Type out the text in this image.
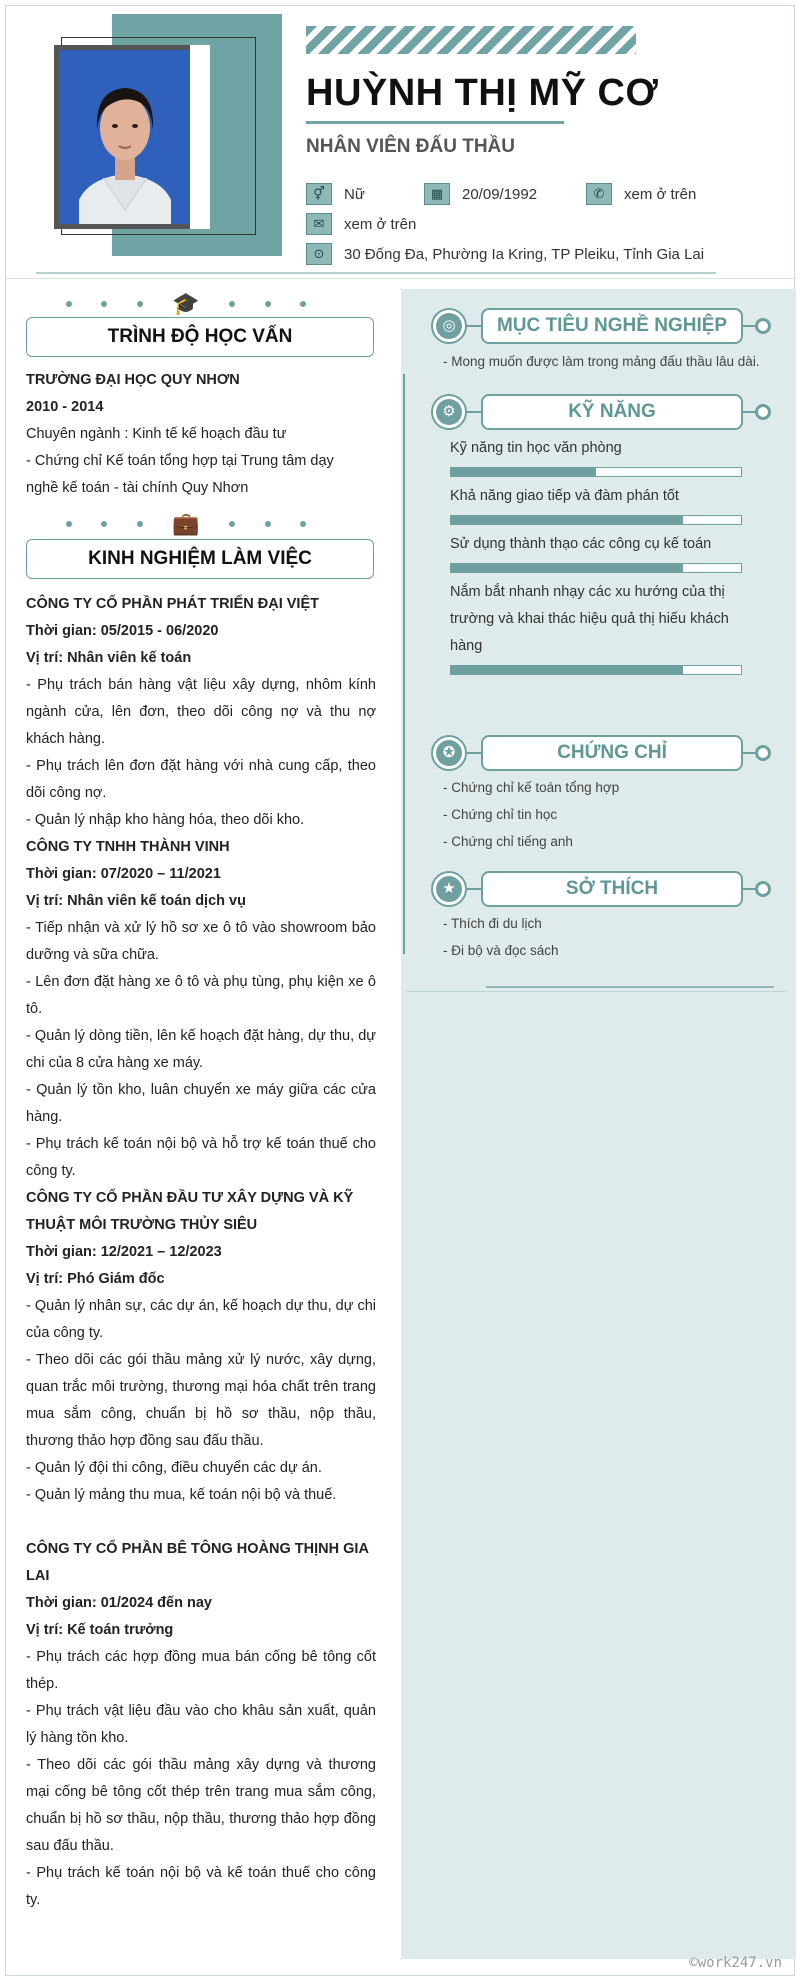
HUỲNH THỊ MỸ CƠ
NHÂN VIÊN ĐẤU THẦU
⚥	Nữ	▦	20/09/1992	✆	xem ở trên
✉	xem ở trên
⊙	30 Đống Đa, Phường Ia Kring, TP Pleiku, Tỉnh Gia Lai
🎓
TRÌNH ĐỘ HỌC VẤN
TRƯỜNG ĐẠI HỌC QUY NHƠN
2010 - 2014
Chuyên ngành : Kinh tế kế hoạch đầu tư
- Chứng chỉ Kế toán tổng hợp tại Trung tâm dạy
nghề kế toán - tài chính Quy Nhơn
💼
KINH NGHIỆM LÀM VIỆC
CÔNG TY CỔ PHẦN PHÁT TRIỂN ĐẠI VIỆT
Thời gian: 05/2015 - 06/2020
Vị trí: Nhân viên kế toán
- Phụ trách bán hàng vật liệu xây dựng, nhôm kính ngành cửa, lên đơn, theo dõi công nợ và thu nợ khách hàng.
- Phụ trách lên đơn đặt hàng với nhà cung cấp, theo dõi công nợ.
- Quản lý nhập kho hàng hóa, theo dõi kho.
CÔNG TY TNHH THÀNH VINH
Thời gian: 07/2020 – 11/2021
Vị trí: Nhân viên kế toán dịch vụ
- Tiếp nhận và xử lý hồ sơ xe ô tô vào showroom bảo dưỡng và sữa chữa.
- Lên đơn đặt hàng xe ô tô và phụ tùng, phụ kiện xe ô tô.
- Quản lý dòng tiền, lên kế hoạch đặt hàng, dự thu, dự chi của 8 cửa hàng xe máy.
- Quản lý tồn kho, luân chuyển xe máy giữa các cửa hàng.
- Phụ trách kế toán nội bộ và hỗ trợ kế toán thuế cho công ty.
CÔNG TY CỔ PHẦN ĐẦU TƯ XÂY DỰNG VÀ KỸ THUẬT MÔI TRƯỜNG THỦY SIÊU
Thời gian: 12/2021 – 12/2023
Vị trí: Phó Giám đốc
- Quản lý nhân sự, các dự án, kế hoạch dự thu, dự chi của công ty.
- Theo dõi các gói thầu mảng xử lý nước, xây dựng, quan trắc môi trường, thương mại hóa chất trên trang mua sắm công, chuẩn bị hồ sơ thầu, nộp thầu, thương thảo hợp đồng sau đấu thầu.
- Quản lý đội thi công, điều chuyển các dự án.
- Quản lý mảng thu mua, kế toán nội bộ và thuế.
CÔNG TY CỔ PHẦN BÊ TÔNG HOÀNG THỊNH GIA LAI
Thời gian: 01/2024 đến nay
Vị trí: Kế toán trưởng
- Phụ trách các hợp đồng mua bán cống bê tông cốt thép.
- Phụ trách vật liệu đầu vào cho khâu sản xuất, quản lý hàng tồn kho.
- Theo dõi các gói thầu mảng xây dựng và thương mại cống bê tông cốt thép trên trang mua sắm công, chuẩn bị hồ sơ thầu, nộp thầu, thương thảo hợp đồng sau đấu thầu.
- Phụ trách kế toán nội bộ và kế toán thuế cho công ty.
◎	MỤC TIÊU NGHỀ NGHIỆP
- Mong muốn được làm trong mảng đấu thầu lâu dài.
⚙	KỸ NĂNG
Kỹ năng tin học văn phòng
Khả năng giao tiếp và đàm phán tốt
Sử dụng thành thạo các công cụ kế toán
Nắm bắt nhanh nhạy các xu hướng của thị trường và khai thác hiệu quả thị hiếu khách hàng
✪	CHỨNG CHỈ
- Chứng chỉ kế toán tổng hợp
- Chứng chỉ tin học
- Chứng chỉ tiếng anh
★	SỞ THÍCH
- Thích đi du lịch
- Đi bộ và đọc sách
©work247.vn
